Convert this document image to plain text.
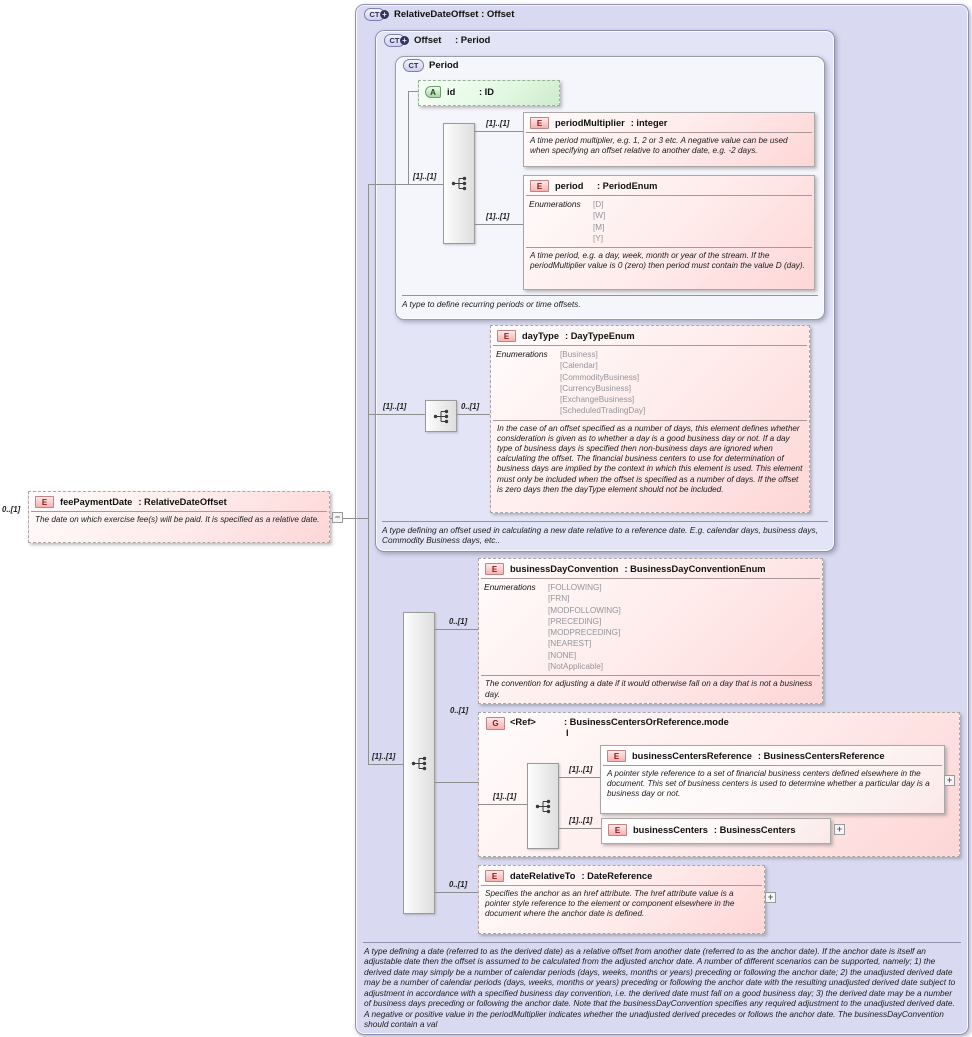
CT + RelativeDateOffset : Offset
A type defining a date (referred to as the derived date) as a relative offset from another date (referred to as the anchor date). If the anchor date is itself an adjustable date then the offset is assumed to be calculated from the adjusted anchor date. A number of different scenarios can be supported, namely; 1) the derived date may simply be a number of calendar periods (days, weeks, months or years) preceding or following the anchor date; 2) the unadjusted derived date may be a number of calendar periods (days, weeks, months or years) preceding or following the anchor date with the resulting unadjusted derived date subject to adjustment in accordance with a specified business day convention, i.e. the derived date must fall on a good business day; 3) the derived date may be a number of business days preceding or following the anchor date. Note that the businessDayConvention specifies any required adjustment to the unadjusted derived date. A negative or positive value in the periodMultiplier indicates whether the unadjusted derived precedes or follows the anchor date. The businessDayConvention should contain a val
CT + Offset	: Period
A type defining an offset used in calculating a new date relative to a reference date. E.g. calendar days, business days, Commodity Business days, etc..
CT	Period
A type to define recurring periods or time offsets.
G	<Ref>	: BusinessCentersOrReference.mode
l
0..[1]
[1]..[1]
[1]..[1]
[1]..[1]
[1]..[1]	0..[1]
[1]..[1]
0..[1]
0..[1]
[1]..[1]
[1]..[1]
[1]..[1]
0..[1]
E	feePaymentDate : RelativeDateOffset
The date on which exercise fee(s) will be paid. It is specified as a relative date.	−
A	id	: ID
E	periodMultiplier : integer
A time period multiplier, e.g. 1, 2 or 3 etc. A negative value can be used when specifying an offset relative to another date, e.g. -2 days.
E	period	: PeriodEnum
Enumerations	[D]
[W]
[M]
[Y]
A time period, e.g. a day, week, month or year of the stream. If the periodMultiplier value is 0 (zero) then period must contain the value D (day).
E	dayType : DayTypeEnum
Enumerations	[Business]
[Calendar]
[CommodityBusiness]
[CurrencyBusiness]
[ExchangeBusiness]
[ScheduledTradingDay]
In the case of an offset specified as a number of days, this element defines whether consideration is given as to whether a day is a good business day or not. If a day type of business days is specified then non-business days are ignored when calculating the offset. The financial business centers to use for determination of business days are implied by the context in which this element is used. This element must only be included when the offset is specified as a number of days. If the offset is zero days then the dayType element should not be included.
E	businessDayConvention : BusinessDayConventionEnum
Enumerations	[FOLLOWING]
[FRN]
[MODFOLLOWING]
[PRECEDING]
[MODPRECEDING]
[NEAREST]
[NONE]
[NotApplicable]
The convention for adjusting a date if it would otherwise fall on a day that is not a business day.
E	businessCentersReference : BusinessCentersReference
A pointer style reference to a set of financial business centers defined elsewhere in the document. This set of business centers is used to determine whether a particular day is a business day or not.
+
E	businessCenters : BusinessCenters	+
E	dateRelativeTo : DateReference
Specifies the anchor as an href attribute. The href attribute value is a pointer style reference to the element or component elsewhere in the document where the anchor date is defined.
+
